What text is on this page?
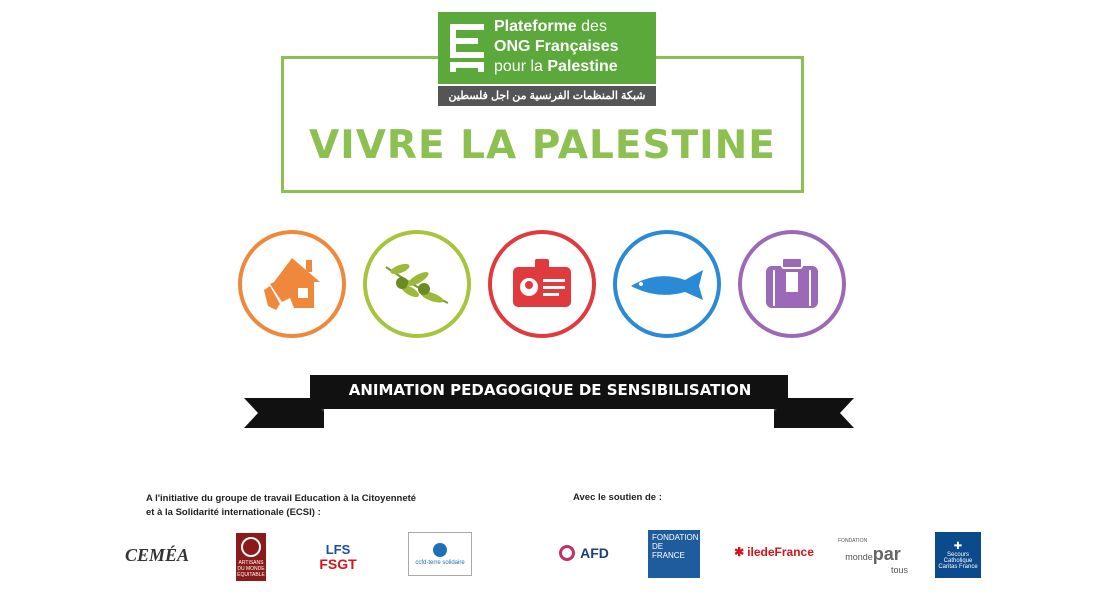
Plateforme des
ONG Françaises
pour la Palestine
شبكة المنظمات الفرنسية من اجل فلسطين
VIVRE LA PALESTINE
ANIMATION PEDAGOGIQUE DE SENSIBILISATION
A l'initiative du groupe de travail Education à la Citoyenneté
et à la Solidarité internationale (ECSI) :
Avec le soutien de :
CEMÉA	ARTISANS
DU MONDE
ÉQUITABLE
LFS
FSGT	ccfd-terre solidaire
AFD
FONDATION
DE
FRANCE	✱ iledeFrance
FONDATION
monde par
tous
✚
Secours
Catholique
Caritas France
